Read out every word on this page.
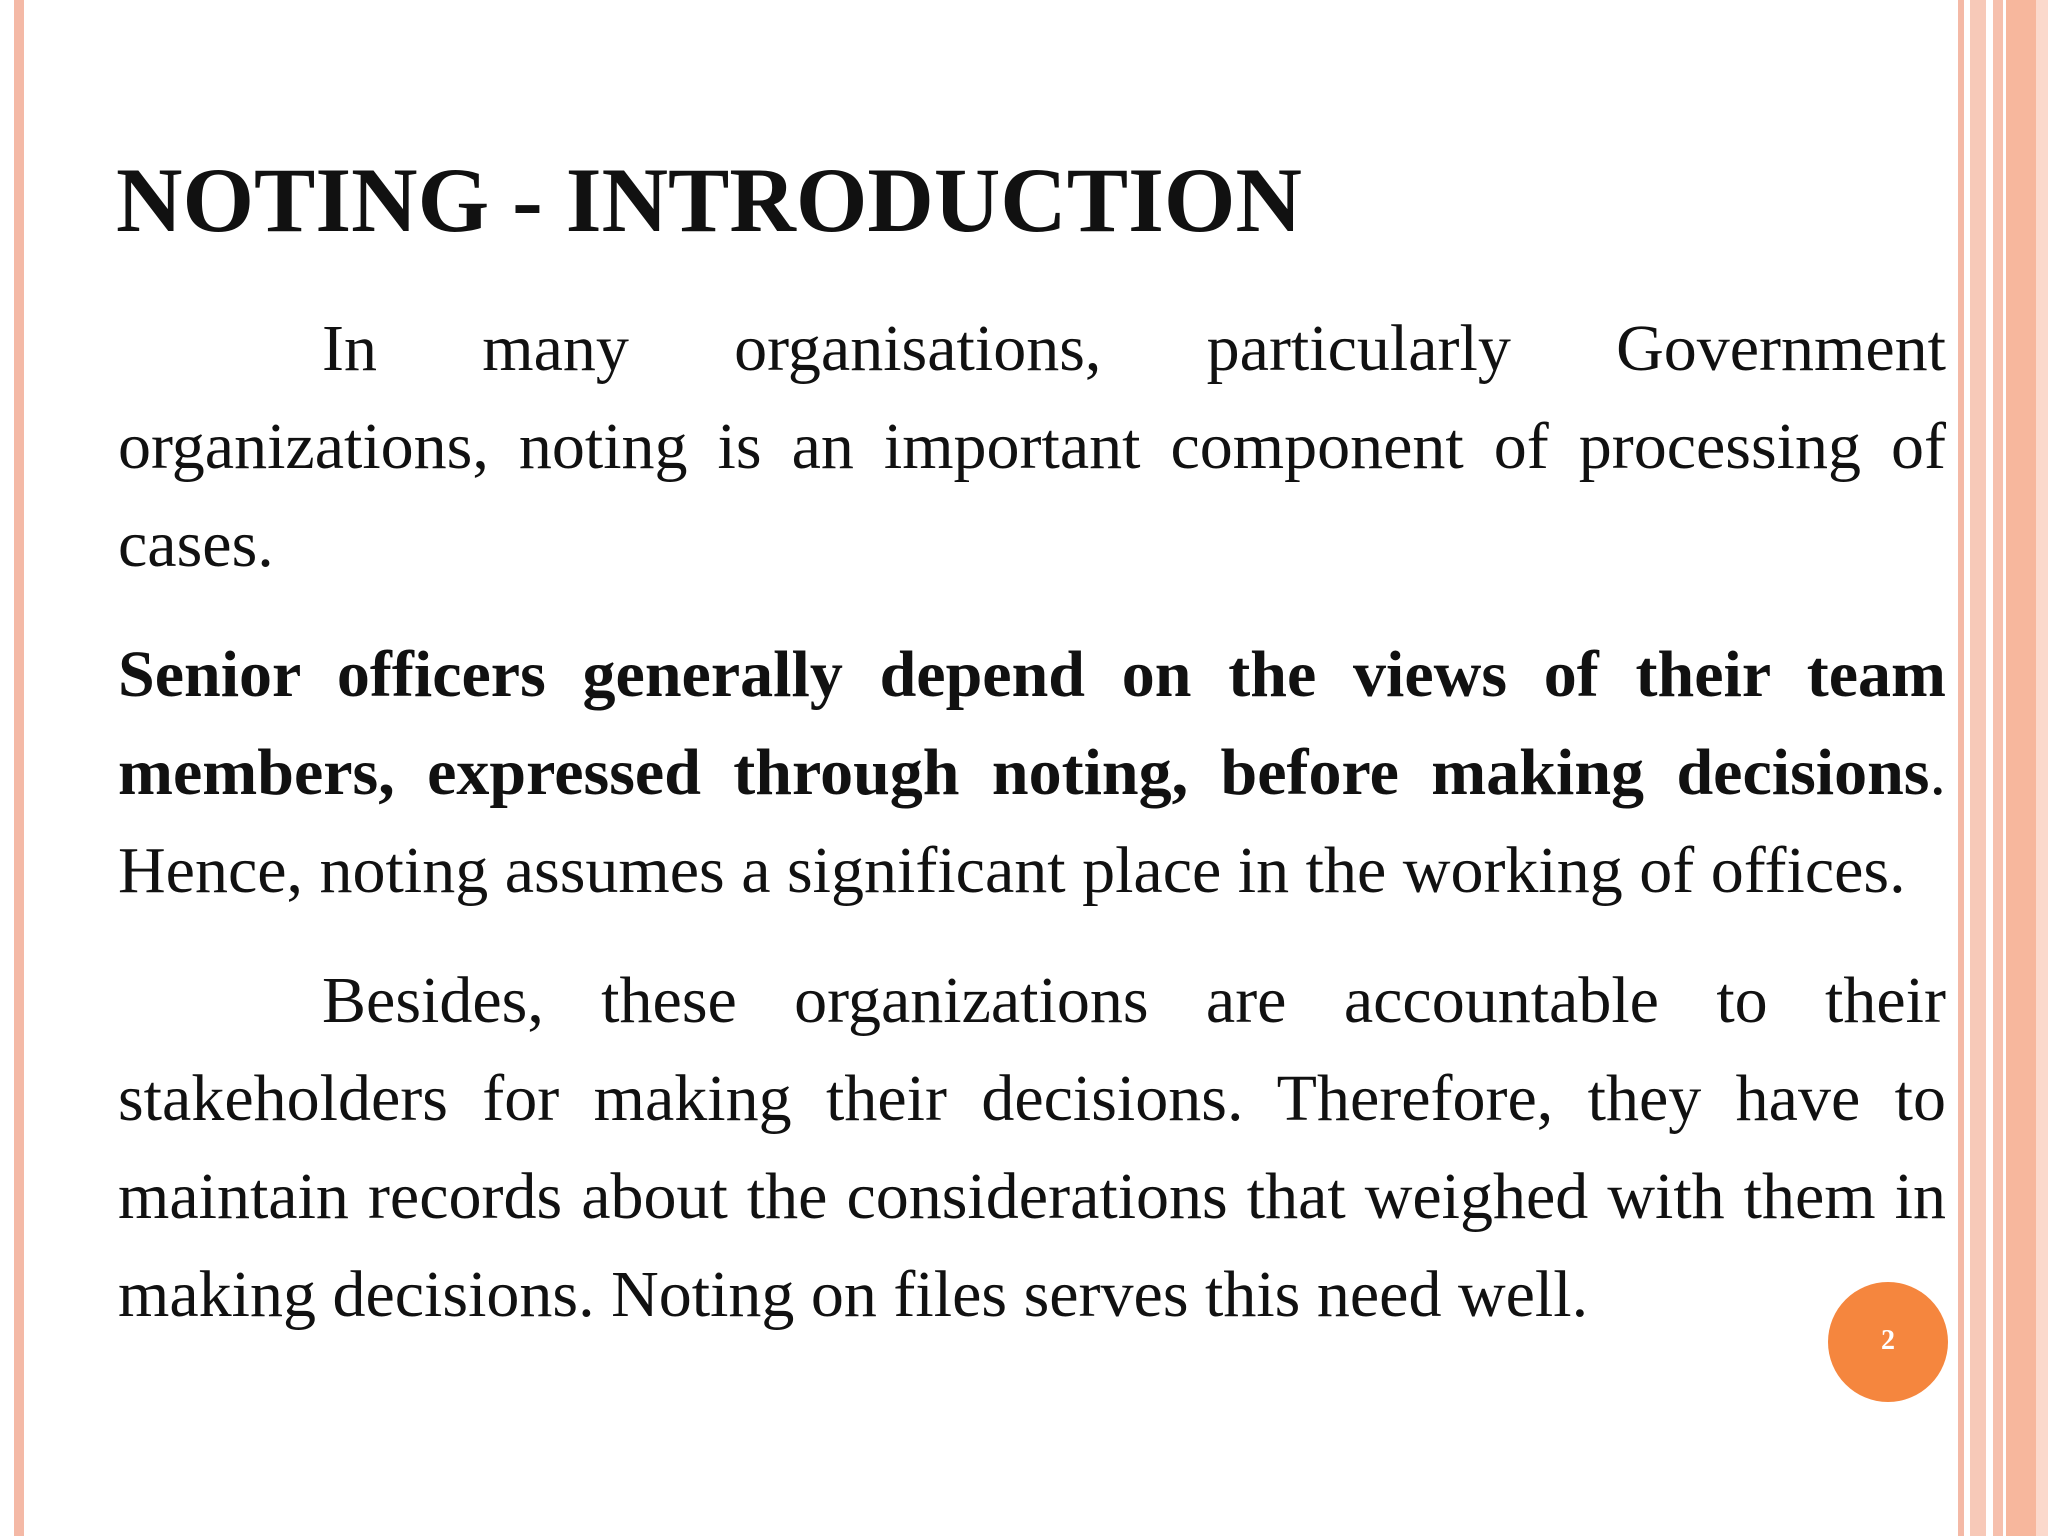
NOTING - INTRODUCTION

In many organisations, particularly Government organizations, noting is an important component of processing of cases.

Senior officers generally depend on the views of their team members, expressed through noting, before making decisions. Hence, noting assumes a significant place in the working of offices.

Besides, these organizations are accountable to their stakeholders for making their decisions. Therefore, they have to maintain records about the considerations that weighed with them in making decisions. Noting on files serves this need well.

2
